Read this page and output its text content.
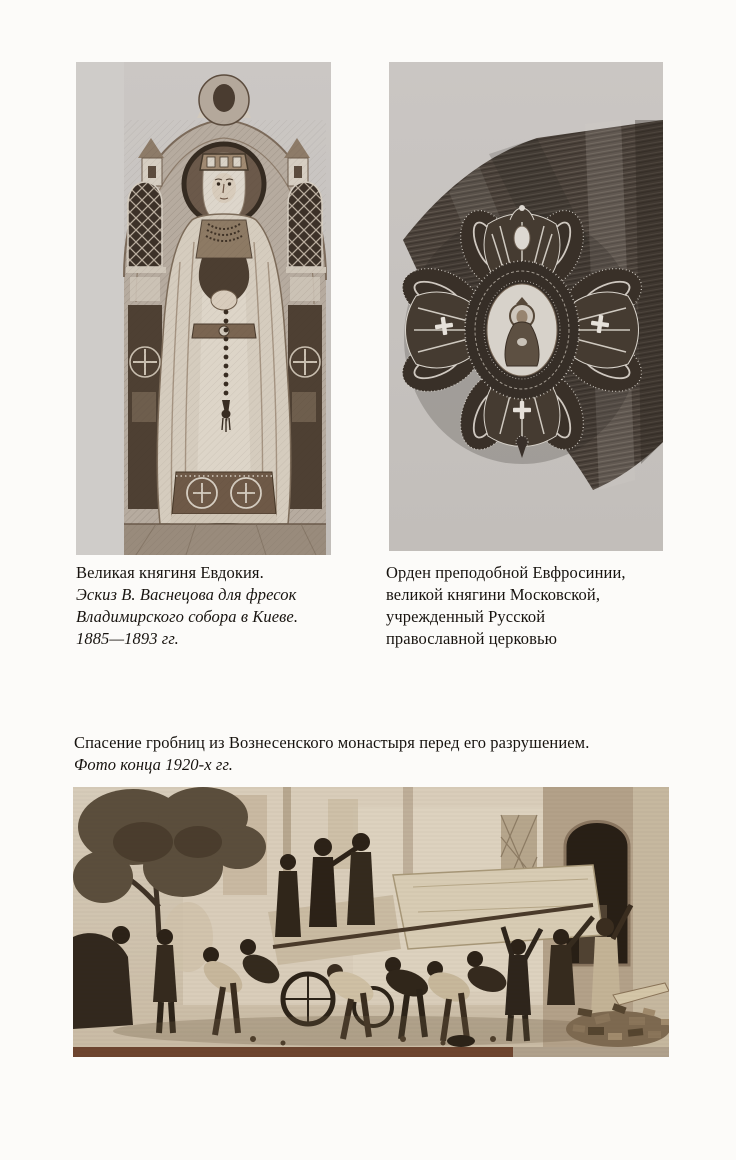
Великая княгиня Евдокия.
Эскиз В. Васнецова для фресок
Владимирского собора в Киеве.
1885—1893 гг.
Орден преподобной Евфросинии,
великой княгини Московской,
учрежденный Русской
православной церковью
Спасение гробниц из Вознесенского монастыря перед его разрушением.
Фото конца 1920-х гг.
